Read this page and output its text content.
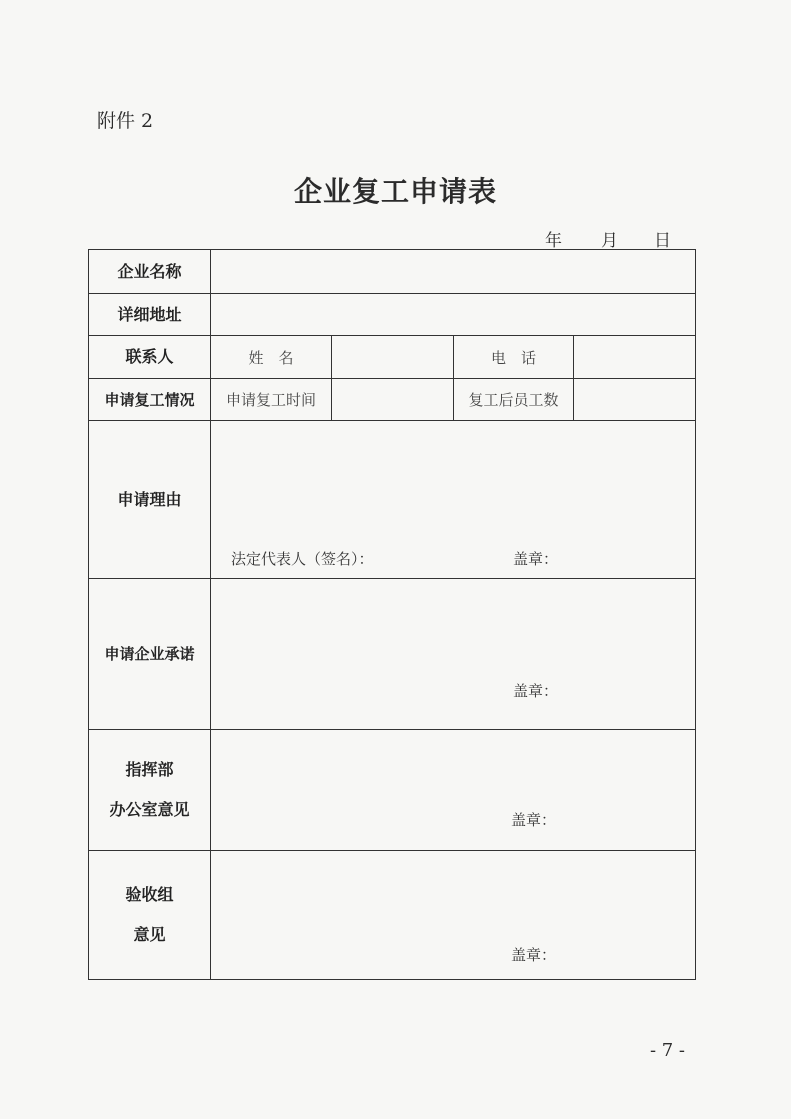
附件 2
企业复工申请表
年 月 日
企业名称				
详细地址				
联系人	姓　名		电　话	
申请复工情况	申请复工时间		复工后员工数	
申请理由	法定代表人（签名）： 盖章：			

申请企业承诺	盖章：			

指挥部
办公室意见	盖章：			

验收组
意见	盖章：			
- 7 -
